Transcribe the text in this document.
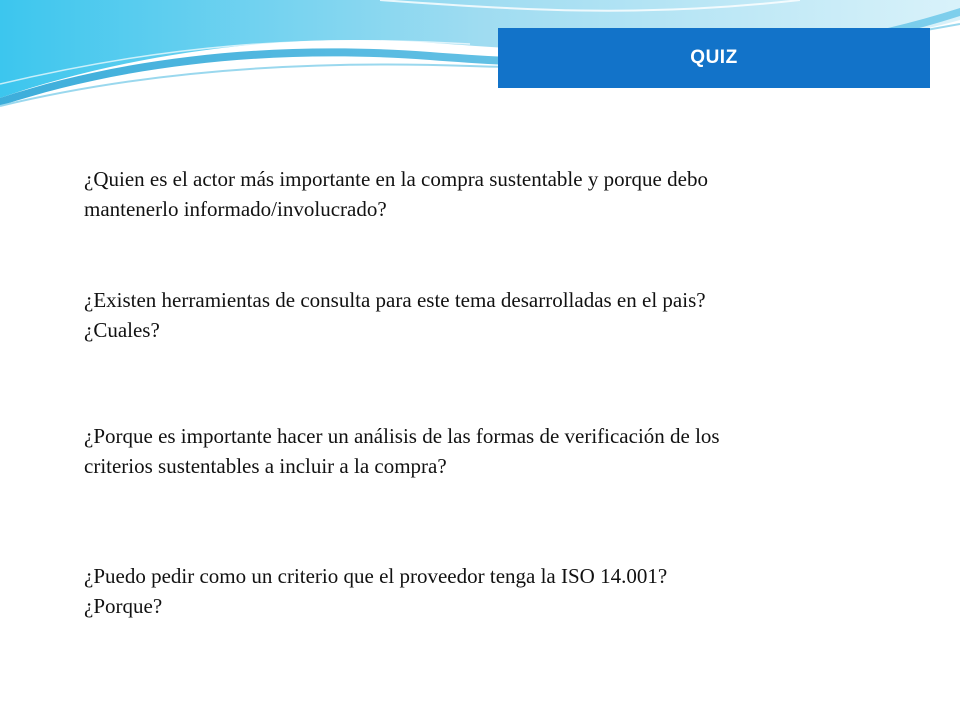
QUIZ

¿Quien es el actor más importante en la compra sustentable y porque debo
mantenerlo informado/involucrado?

¿Existen herramientas de consulta para este tema desarrolladas en el pais?
¿Cuales?

¿Porque es importante hacer un análisis de las formas de verificación de los
criterios sustentables a incluir a la compra?

¿Puedo pedir como un criterio que el proveedor tenga la ISO 14.001?
¿Porque?
